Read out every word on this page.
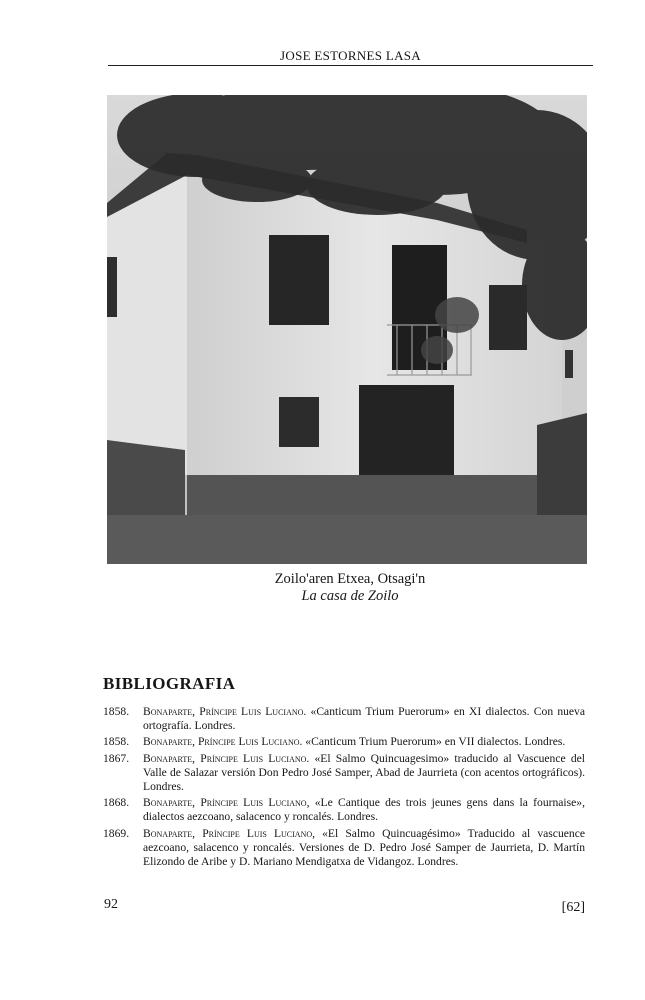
JOSE ESTORNES LASA
Zoilo'aren Etxea, Otsagi'n
La casa de Zoilo
BIBLIOGRAFIA
1858.	Bonaparte, Príncipe Luis Luciano. «Canticum Trium Puerorum» en XI dialectos. Con nueva ortografía. Londres.
1858.	Bonaparte, Príncipe Luis Luciano. «Canticum Trium Puerorum» en VII dialectos. Londres.
1867.	Bonaparte, Príncipe Luis Luciano. «El Salmo Quincuagesimo» traducido al Vascuence del Valle de Salazar versión Don Pedro José Samper, Abad de Jaurrieta (con acentos ortográficos). Londres.
1868.	Bonaparte, Príncipe Luis Luciano, «Le Cantique des trois jeunes gens dans la fournaise», dialectos aezcoano, salacenco y roncalés. Londres.
1869.	Bonaparte, Príncipe Luis Luciano, «El Salmo Quincuagésimo» Traducido al vascuence aezcoano, salacenco y roncalés. Versiones de D. Pedro José Samper de Jaurrieta, D. Martín Elizondo de Aribe y D. Mariano Mendigatxa de Vidangoz. Londres.
92	[62]
